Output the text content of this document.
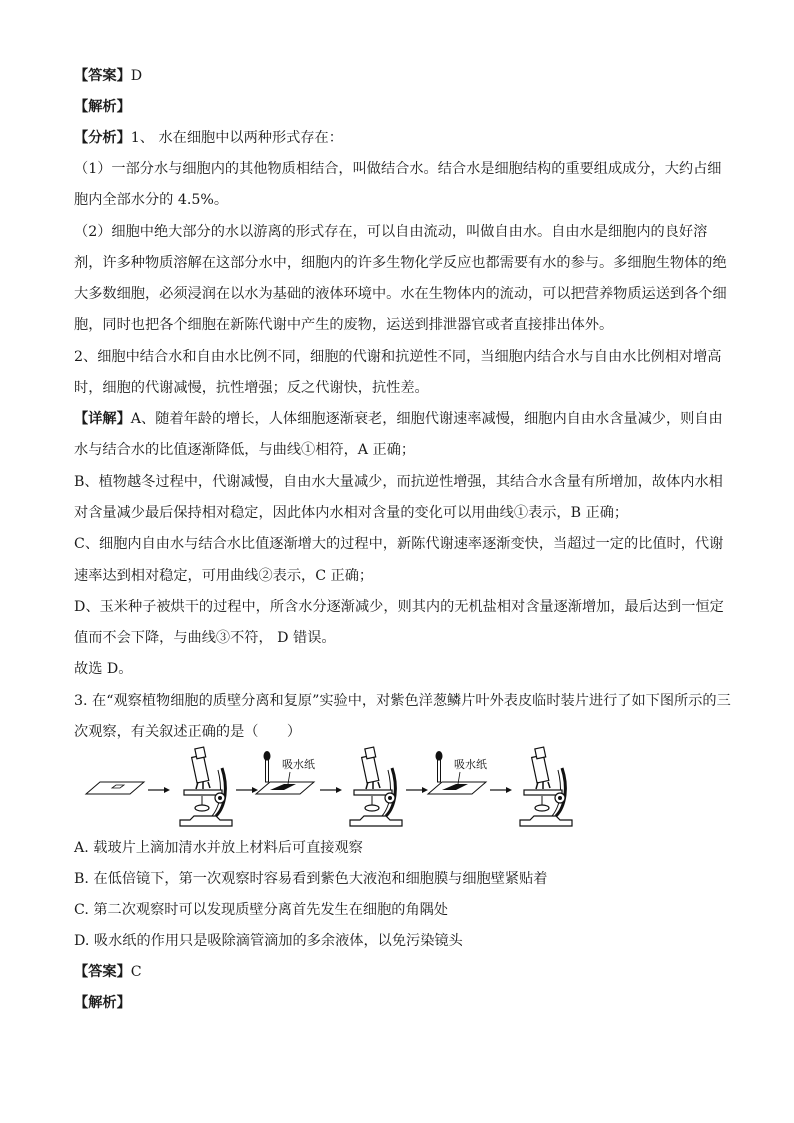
【答案】D
【解析】
【分析】1、 水在细胞中以两种形式存在：
（1）一部分水与细胞内的其他物质相结合，叫做结合水。结合水是细胞结构的重要组成成分，大约占细
胞内全部水分的 4.5%。
（2）细胞中绝大部分的水以游离的形式存在，可以自由流动，叫做自由水。自由水是细胞内的良好溶
剂，许多种物质溶解在这部分水中，细胞内的许多生物化学反应也都需要有水的参与。多细胞生物体的绝
大多数细胞，必须浸润在以水为基础的液体环境中。水在生物体内的流动，可以把营养物质运送到各个细
胞，同时也把各个细胞在新陈代谢中产生的废物，运送到排泄器官或者直接排出体外。
2、细胞中结合水和自由水比例不同，细胞的代谢和抗逆性不同，当细胞内结合水与自由水比例相对增高
时，细胞的代谢减慢，抗性增强；反之代谢快，抗性差。
【详解】A、随着年龄的增长，人体细胞逐渐衰老，细胞代谢速率减慢，细胞内自由水含量减少，则自由
水与结合水的比值逐渐降低，与曲线①相符，A 正确；
B、植物越冬过程中，代谢减慢，自由水大量减少，而抗逆性增强，其结合水含量有所增加，故体内水相
对含量减少最后保持相对稳定，因此体内水相对含量的变化可以用曲线①表示，B 正确；
C、细胞内自由水与结合水比值逐渐增大的过程中，新陈代谢速率逐渐变快，当超过一定的比值时，代谢
速率达到相对稳定，可用曲线②表示，C 正确；
D、玉米种子被烘干的过程中，所含水分逐渐减少，则其内的无机盐相对含量逐渐增加，最后达到一恒定
值而不会下降，与曲线③不符， D 错误。
故选 D。
3. 在“观察植物细胞的质壁分离和复原”实验中，对紫色洋葱鳞片叶外表皮临时装片进行了如下图所示的三
次观察，有关叙述正确的是（　　）
吸水纸	吸水纸
A. 载玻片上滴加清水并放上材料后可直接观察
B. 在低倍镜下，第一次观察时容易看到紫色大液泡和细胞膜与细胞壁紧贴着
C. 第二次观察时可以发现质壁分离首先发生在细胞的角隅处
D. 吸水纸的作用只是吸除滴管滴加的多余液体，以免污染镜头
【答案】C
【解析】
